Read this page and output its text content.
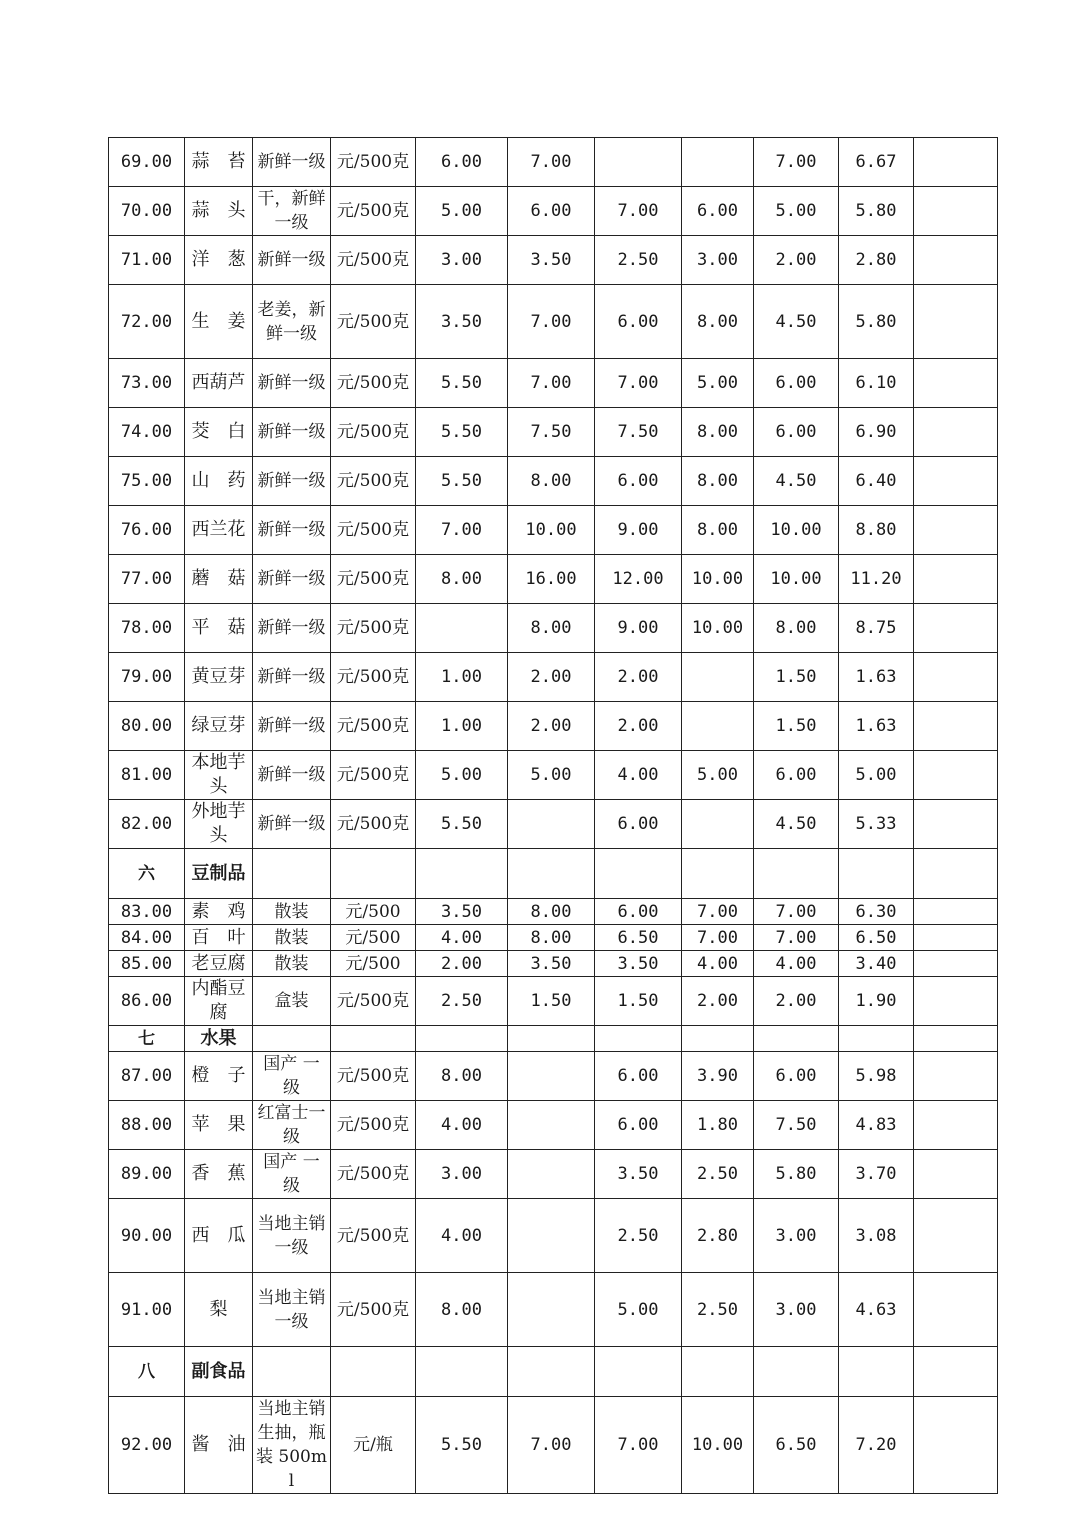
69.00	蒜　苔	新鲜一级	元/500克	6.00	7.00			7.00	6.67	

70.00	蒜　头	干，新鲜一级	元/500克	5.00	6.00	7.00	6.00	5.00	5.80	

71.00	洋　葱	新鲜一级	元/500克	3.00	3.50	2.50	3.00	2.00	2.80	

72.00	生　姜	老姜，新鲜一级	元/500克	3.50	7.00	6.00	8.00	4.50	5.80	

73.00	西葫芦	新鲜一级	元/500克	5.50	7.00	7.00	5.00	6.00	6.10	

74.00	茭　白	新鲜一级	元/500克	5.50	7.50	7.50	8.00	6.00	6.90	

75.00	山　药	新鲜一级	元/500克	5.50	8.00	6.00	8.00	4.50	6.40	

76.00	西兰花	新鲜一级	元/500克	7.00	10.00	9.00	8.00	10.00	8.80	

77.00	蘑　菇	新鲜一级	元/500克	8.00	16.00	12.00	10.00	10.00	11.20	

78.00	平　菇	新鲜一级	元/500克		8.00	9.00	10.00	8.00	8.75	

79.00	黄豆芽	新鲜一级	元/500克	1.00	2.00	2.00		1.50	1.63	

80.00	绿豆芽	新鲜一级	元/500克	1.00	2.00	2.00		1.50	1.63	

81.00	本地芋头	新鲜一级	元/500克	5.00	5.00	4.00	5.00	6.00	5.00	

82.00	外地芋头	新鲜一级	元/500克	5.50		6.00		4.50	5.33	

六	豆制品									

83.00	素　鸡	散装	元/500	3.50	8.00	6.00	7.00	7.00	6.30	

84.00	百　叶	散装	元/500	4.00	8.00	6.50	7.00	7.00	6.50	

85.00	老豆腐	散装	元/500	2.00	3.50	3.50	4.00	4.00	3.40	

86.00	内酯豆腐	盒装	元/500克	2.50	1.50	1.50	2.00	2.00	1.90	

七	水果									

87.00	橙　子	国产 一级	元/500克	8.00		6.00	3.90	6.00	5.98	

88.00	苹　果	红富士一级	元/500克	4.00		6.00	1.80	7.50	4.83	

89.00	香　蕉	国产 一级	元/500克	3.00		3.50	2.50	5.80	3.70	

90.00	西　瓜	当地主销　一级	元/500克	4.00		2.50	2.80	3.00	3.08	

91.00	梨	当地主销　一级	元/500克	8.00		5.00	2.50	3.00	4.63	

八	副食品									

92.00	酱　油	当地主销生抽，瓶装 500ml	元/瓶	5.50	7.00	7.00	10.00	6.50	7.20	
